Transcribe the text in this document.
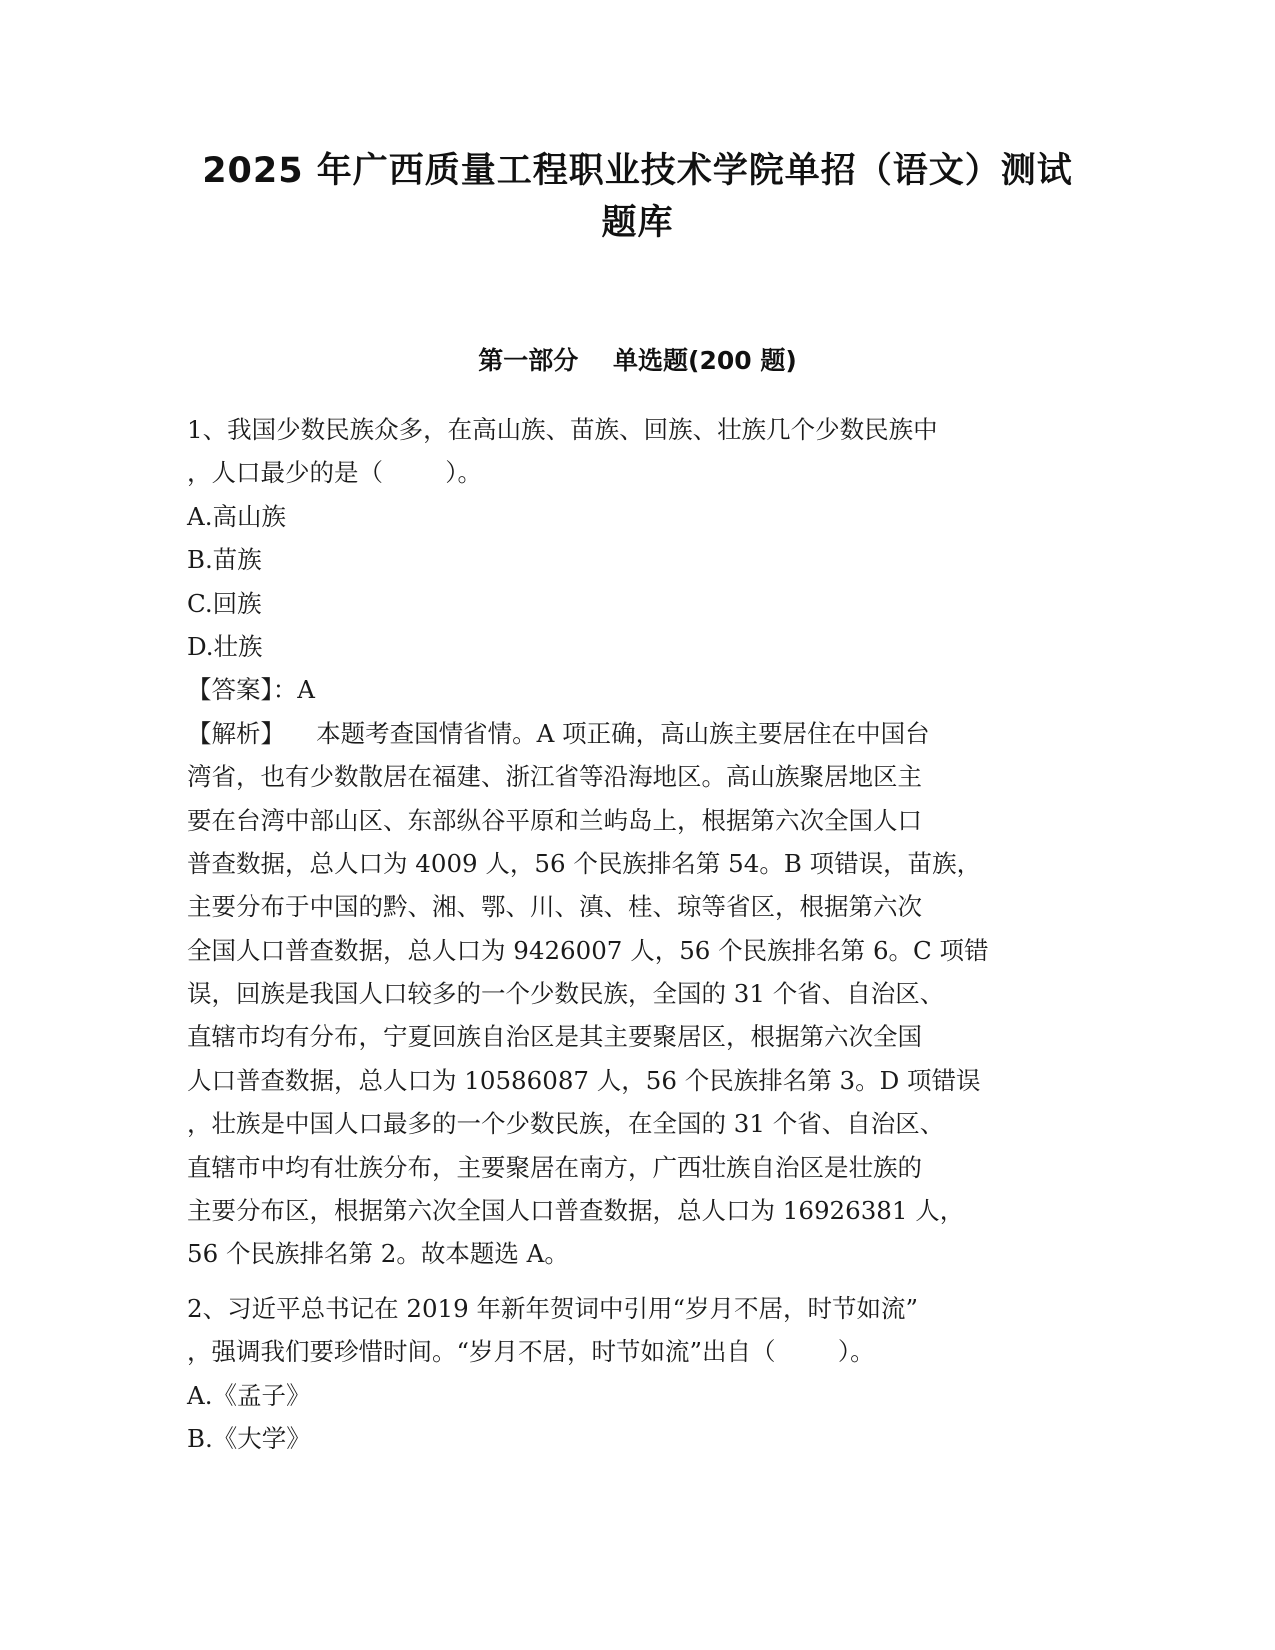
2025 年广西质量工程职业技术学院单招（语文）测试
题库
第一部分    单选题(200 题)
1、我国少数民族众多，在高山族、苗族、回族、壮族几个少数民族中
，人口最少的是（        ）。
A.高山族
B.苗族
C.回族
D.壮族
【答案】：A
【解析】    本题考查国情省情。A 项正确，高山族主要居住在中国台
湾省，也有少数散居在福建、浙江省等沿海地区。高山族聚居地区主
要在台湾中部山区、东部纵谷平原和兰屿岛上，根据第六次全国人口
普查数据，总人口为 4009 人，56 个民族排名第 54。B 项错误，苗族，
主要分布于中国的黔、湘、鄂、川、滇、桂、琼等省区，根据第六次
全国人口普查数据，总人口为 9426007 人，56 个民族排名第 6。C 项错
误，回族是我国人口较多的一个少数民族，全国的 31 个省、自治区、
直辖市均有分布，宁夏回族自治区是其主要聚居区，根据第六次全国
人口普查数据，总人口为 10586087 人，56 个民族排名第 3。D 项错误
，壮族是中国人口最多的一个少数民族，在全国的 31 个省、自治区、
直辖市中均有壮族分布，主要聚居在南方，广西壮族自治区是壮族的
主要分布区，根据第六次全国人口普查数据，总人口为 16926381 人，
56 个民族排名第 2。故本题选 A。
2、习近平总书记在 2019 年新年贺词中引用“岁月不居，时节如流”
，强调我们要珍惜时间。“岁月不居，时节如流”出自（        ）。
A.《孟子》
B.《大学》
